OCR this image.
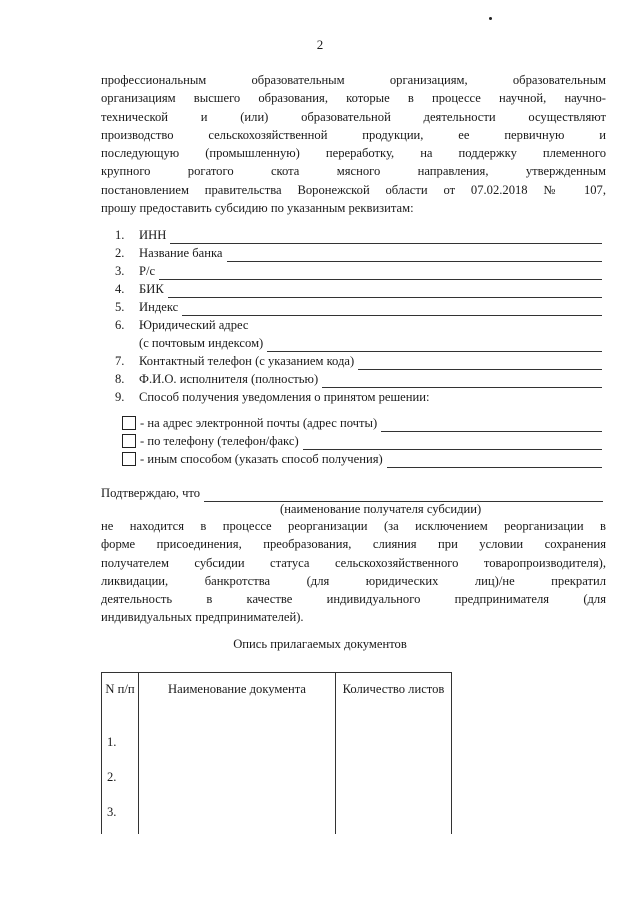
2
профессиональным образовательным организациям, образовательным
организациям высшего образования, которые в процессе научной, научно-
технической и (или) образовательной деятельности осуществляют
производство сельскохозяйственной продукции, ее первичную и
последующую (промышленную) переработку, на поддержку племенного
крупного рогатого скота мясного направления, утвержденным
постановлением правительства Воронежской области от 07.02.2018 № 107,
прошу предоставить субсидию по указанным реквизитам:
1.	ИНН
2.	Название банка
3.	Р/с
4.	БИК
5.	Индекс
6.	Юридический адрес
(с почтовым индексом)
7.	Контактный телефон (с указанием кода)
8.	Ф.И.О. исполнителя (полностью)
9.	Способ получения уведомления о принятом решении:
- на адрес электронной почты (адрес почты)
- по телефону (телефон/факс)
- иным способом (указать способ получения)
Подтверждаю, что
(наименование получателя субсидии)
не находится в процессе реорганизации (за исключением реорганизации в
форме присоединения, преобразования, слияния при условии сохранения
получателем субсидии статуса сельскохозяйственного товаропроизводителя),
ликвидации, банкротства (для юридических лиц)/не прекратил
деятельность в качестве индивидуального предпринимателя (для
индивидуальных предпринимателей).
Опись прилагаемых документов
N п/п	Наименование документа	Количество листов
1.		
2.		
3.		
